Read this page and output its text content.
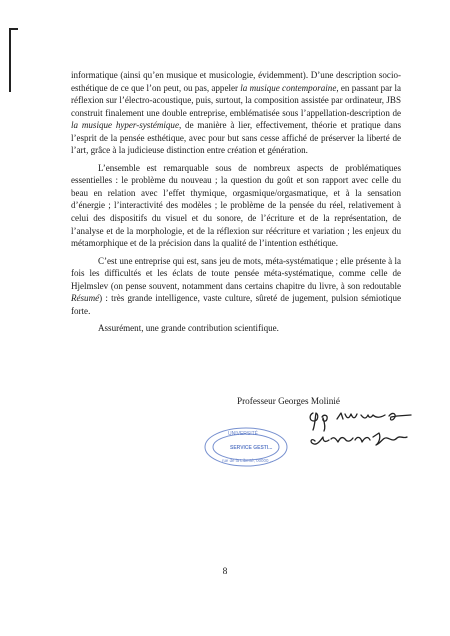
informatique (ainsi qu’en musique et musicologie, évidemment). D’une description socio-esthétique de ce que l’on peut, ou pas, appeler la musique contemporaine, en passant par la réflexion sur l’électro-acoustique, puis, surtout, la composition assistée par ordinateur, JBS construit finalement une double entreprise, emblématisée sous l’appellation-description de la musique hyper-systémique, de manière à lier, effectivement, théorie et pratique dans l’esprit de la pensée esthétique, avec pour but sans cesse affiché de préserver la liberté de l’art, grâce à la judicieuse distinction entre création et génération.

L’ensemble est remarquable sous de nombreux aspects de problématiques essentielles : le problème du nouveau ; la question du goût et son rapport avec celle du beau en relation avec l’effet thymique, orgasmique/orgasmatique, et à la sensation d’énergie ; l’interactivité des modèles ; le problème de la pensée du réel, relativement à celui des dispositifs du visuel et du sonore, de l’écriture et de la représentation, de l’analyse et de la morphologie, et de la réflexion sur réécriture et variation ; les enjeux du métamorphique et de la précision dans la qualité de l’intention esthétique.

C’est une entreprise qui est, sans jeu de mots, méta-systématique ; elle présente à la fois les difficultés et les éclats de toute pensée méta-systématique, comme celle de Hjelmslev (on pense souvent, notamment dans certains chapitre du livre, à son redoutable Résumé) : très grande intelligence, vaste culture, sûreté de jugement, pulsion sémiotique forte.

Assurément, une grande contribution scientifique.

Professeur Georges Molinié
UNIVERSITÉ
SERVICE GESTI...
rue de la Liberté, 00000 ...
8
